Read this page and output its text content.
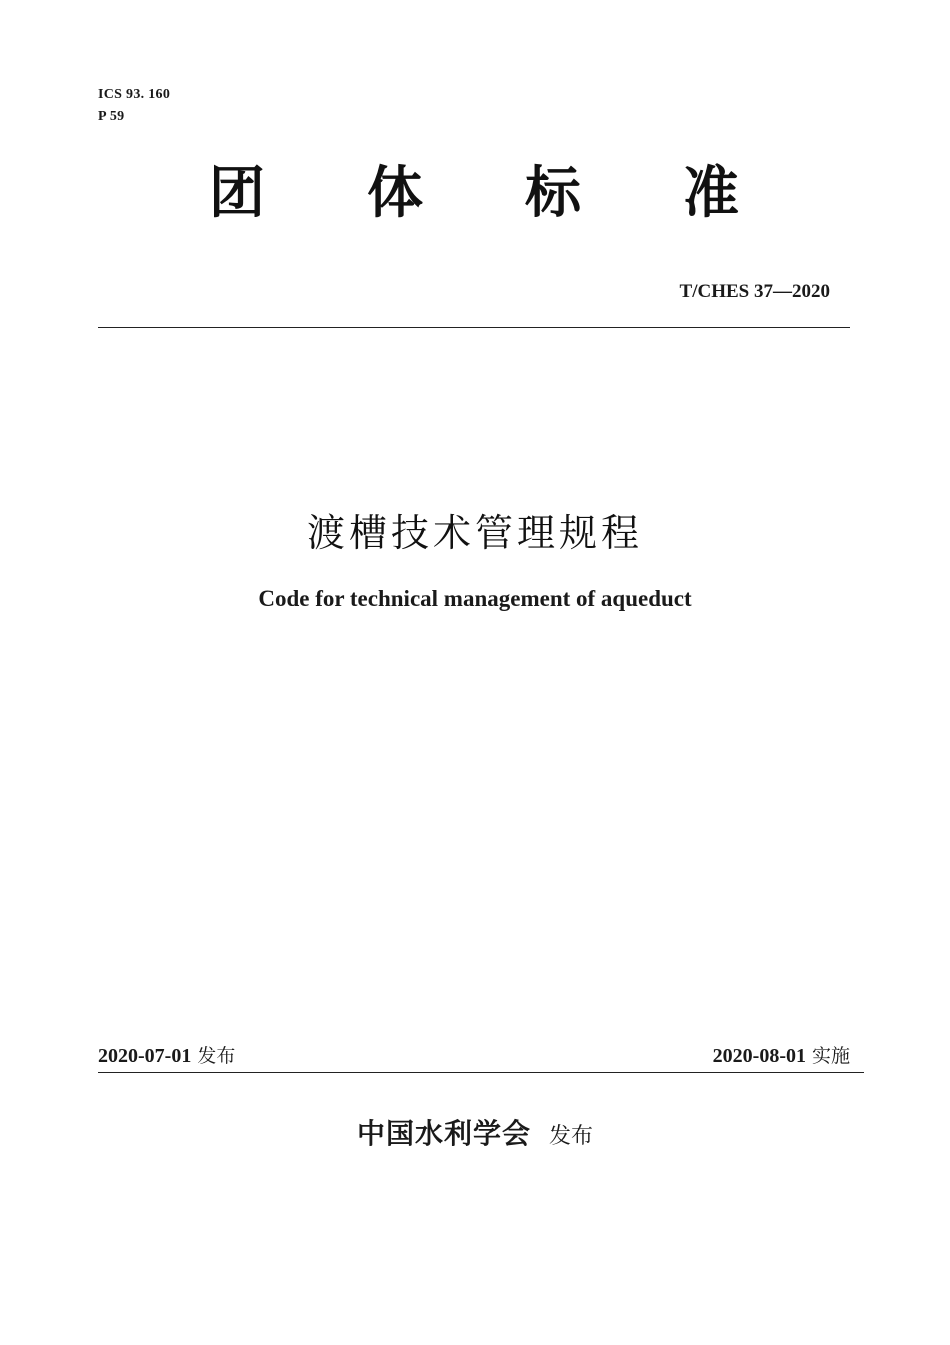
ICS 93. 160
P 59
团 体 标 准
T/CHES 37—2020
渡槽技术管理规程
Code for technical management of aqueduct
2020-07-01 发布	2020-08-01 实施
中国水利学会 发布
